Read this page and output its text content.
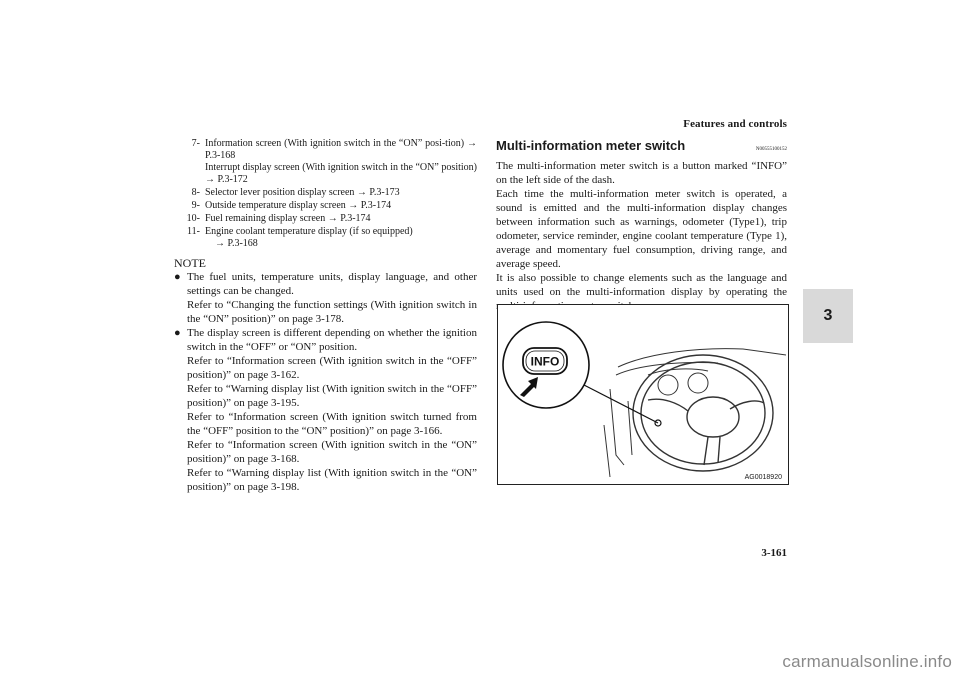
Features and controls
3
7- Information screen (With ignition switch in the “ON” posi-tion) → P.3-168
Interrupt display screen (With ignition switch in the “ON” position) → P.3-172
8- Selector lever position display screen → P.3-173
9- Outside temperature display screen → P.3-174
10- Fuel remaining display screen → P.3-174
11- Engine coolant temperature display (if so equipped)
→ P.3-168
NOTE
● The fuel units, temperature units, display language, and other settings can be changed.
Refer to “Changing the function settings (With ignition switch in the “ON” position)” on page 3-178.
● The display screen is different depending on whether the ignition switch in the “OFF” or “ON” position.
Refer to “Information screen (With ignition switch in the “OFF” position)” on page 3-162.
Refer to “Warning display list (With ignition switch in the “OFF” position)” on page 3-195.
Refer to “Information screen (With ignition switch turned from the “OFF” position to the “ON” position)” on page 3-166.
Refer to “Information screen (With ignition switch in the “ON” position)” on page 3-168.
Refer to “Warning display list (With ignition switch in the “ON” position)” on page 3-198.
Multi-information meter switch	N00555100152

The multi-information meter switch is a button marked “INFO” on the left side of the dash.

Each time the multi-information meter switch is operated, a sound is emitted and the multi-information display changes between information such as warnings, odometer (Type1), trip odometer, service reminder, engine coolant temperature (Type 1), average and momentary fuel consumption, driving range, and average speed.

It is also possible to change elements such as the language and units used on the multi-information display by operating the

INFO
AG0018920
3-161
carmanualsonline.info
